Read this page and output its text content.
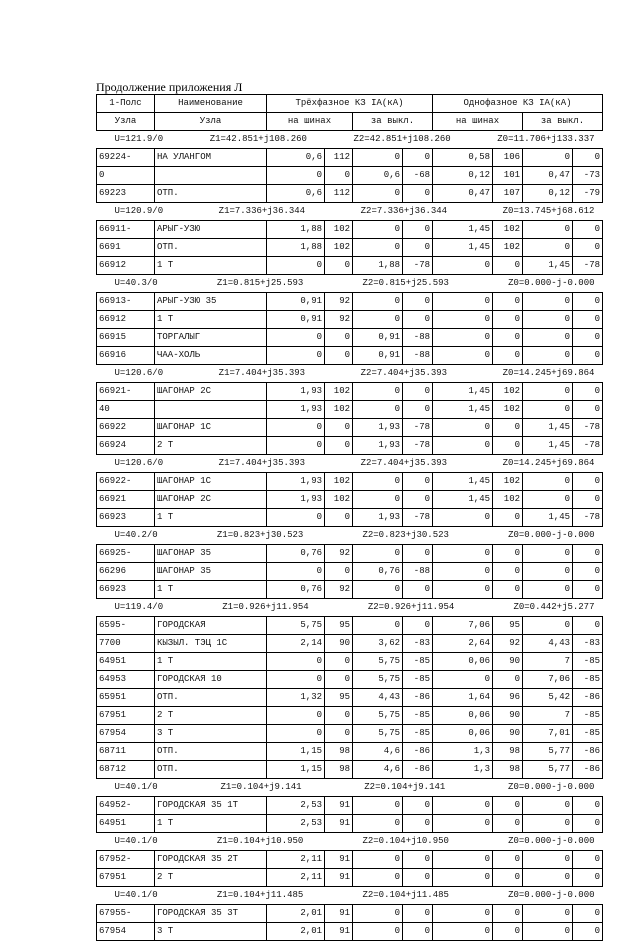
Продолжение приложения Л
1-Полс	Наименование	Трёхфазное КЗ IA(кА)				Однофазное КЗ IA(кА)			
Узла	Узла	на шинах		за выкл.		на шинах		за выкл.	

U=121.9/0 Z1=42.851+j108.260 Z2=42.851+j108.260 Z0=11.706+j133.337									

69224-	НА УЛАНГОМ	0,6	112	0	0	0,58	106	0	0
0		0	0	0,6	-68	0,12	101	0,47	-73
69223	ОТП.	0,6	112	0	0	0,47	107	0,12	-79

U=120.9/0 Z1=7.336+j36.344 Z2=7.336+j36.344 Z0=13.745+j68.612									

66911-	АРЫГ-УЗЮ	1,88	102	0	0	1,45	102	0	0
6691	ОТП.	1,88	102	0	0	1,45	102	0	0
66912	1 Т	0	0	1,88	-78	0	0	1,45	-78

U=40.3/0 Z1=0.815+j25.593 Z2=0.815+j25.593 Z0=0.000-j-0.000									

66913-	АРЫГ-УЗЮ 35	0,91	92	0	0	0	0	0	0
66912	1 Т	0,91	92	0	0	0	0	0	0
66915	ТОРГАЛЫГ	0	0	0,91	-88	0	0	0	0
66916	ЧАА-ХОЛЬ	0	0	0,91	-88	0	0	0	0

U=120.6/0 Z1=7.404+j35.393 Z2=7.404+j35.393 Z0=14.245+j69.864									

66921-	ШАГОНАР 2С	1,93	102	0	0	1,45	102	0	0
40		1,93	102	0	0	1,45	102	0	0
66922	ШАГОНАР 1С	0	0	1,93	-78	0	0	1,45	-78
66924	2 Т	0	0	1,93	-78	0	0	1,45	-78

U=120.6/0 Z1=7.404+j35.393 Z2=7.404+j35.393 Z0=14.245+j69.864									

66922-	ШАГОНАР 1С	1,93	102	0	0	1,45	102	0	0
66921	ШАГОНАР 2С	1,93	102	0	0	1,45	102	0	0
66923	1 Т	0	0	1,93	-78	0	0	1,45	-78

U=40.2/0 Z1=0.823+j30.523 Z2=0.823+j30.523 Z0=0.000-j-0.000									

66925-	ШАГОНАР 35	0,76	92	0	0	0	0	0	0
66296	ШАГОНАР 35	0	0	0,76	-88	0	0	0	0
66923	1 Т	0,76	92	0	0	0	0	0	0

U=119.4/0 Z1=0.926+j11.954 Z2=0.926+j11.954 Z0=0.442+j5.277									

6595-	ГОРОДСКАЯ	5,75	95	0	0	7,06	95	0	0
7700	КЫЗЫЛ. ТЭЦ 1С	2,14	90	3,62	-83	2,64	92	4,43	-83
64951	1 Т	0	0	5,75	-85	0,06	90	7	-85
64953	ГОРОДСКАЯ 10	0	0	5,75	-85	0	0	7,06	-85
65951	ОТП.	1,32	95	4,43	-86	1,64	96	5,42	-86
67951	2 Т	0	0	5,75	-85	0,06	90	7	-85
67954	3 Т	0	0	5,75	-85	0,06	90	7,01	-85
68711	ОТП.	1,15	98	4,6	-86	1,3	98	5,77	-86
68712	ОТП.	1,15	98	4,6	-86	1,3	98	5,77	-86

U=40.1/0 Z1=0.104+j9.141 Z2=0.104+j9.141 Z0=0.000-j-0.000									

64952-	ГОРОДСКАЯ 35 1Т	2,53	91	0	0	0	0	0	0
64951	1 Т	2,53	91	0	0	0	0	0	0

U=40.1/0 Z1=0.104+j10.950 Z2=0.104+j10.950 Z0=0.000-j-0.000									

67952-	ГОРОДСКАЯ 35 2Т	2,11	91	0	0	0	0	0	0
67951	2 Т	2,11	91	0	0	0	0	0	0

U=40.1/0 Z1=0.104+j11.485 Z2=0.104+j11.485 Z0=0.000-j-0.000									

67955-	ГОРОДСКАЯ 35 3Т	2,01	91	0	0	0	0	0	0
67954	3 Т	2,01	91	0	0	0	0	0	0
